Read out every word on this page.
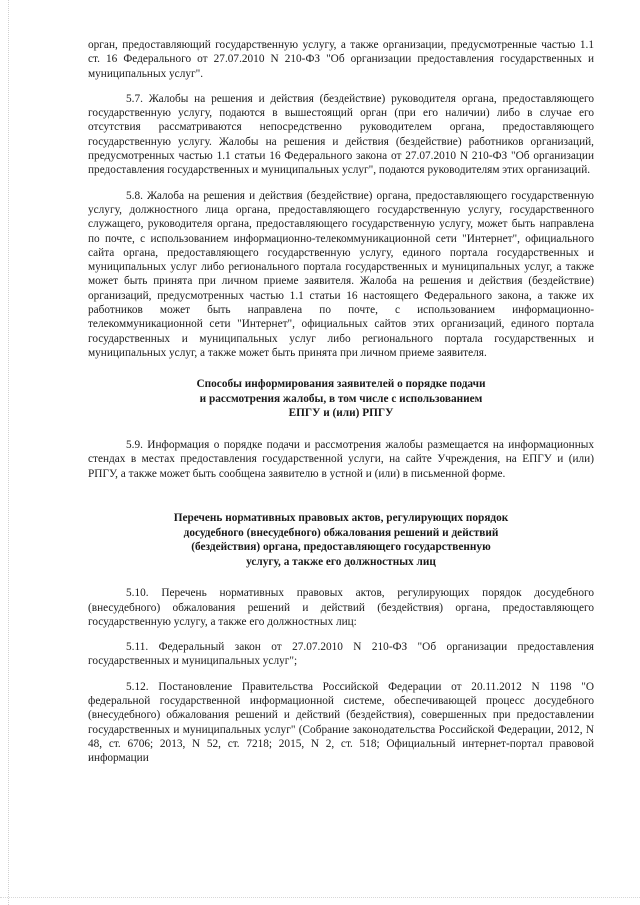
орган, предоставляющий государственную услугу, а также организации, предусмотренные частью 1.1 ст. 16 Федерального от 27.07.2010 N 210-ФЗ "Об организации предоставления государственных и муниципальных услуг".

5.7. Жалобы на решения и действия (бездействие) руководителя органа, предоставляющего государственную услугу, подаются в вышестоящий орган (при его наличии) либо в случае его отсутствия рассматриваются непосредственно руководителем органа, предоставляющего государственную услугу. Жалобы на решения и действия (бездействие) работников организаций, предусмотренных частью 1.1 статьи 16 Федерального закона от 27.07.2010 N 210-ФЗ "Об организации предоставления государственных и муниципальных услуг", подаются руководителям этих организаций.

5.8. Жалоба на решения и действия (бездействие) органа, предоставляющего государственную услугу, должностного лица органа, предоставляющего государственную услугу, государственного служащего, руководителя органа, предоставляющего государственную услугу, может быть направлена по почте, с использованием информационно-телекоммуникационной сети "Интернет", официального сайта органа, предоставляющего государственную услугу, единого портала государственных и муниципальных услуг либо регионального портала государственных и муниципальных услуг, а также может быть принята при личном приеме заявителя. Жалоба на решения и действия (бездействие) организаций, предусмотренных частью 1.1 статьи 16 настоящего Федерального закона, а также их работников может быть направлена по почте, с использованием информационно-телекоммуникационной сети "Интернет", официальных сайтов этих организаций, единого портала государственных и муниципальных услуг либо регионального портала государственных и муниципальных услуг, а также может быть принята при личном приеме заявителя.

Способы информирования заявителей о порядке подачи
и рассмотрения жалобы, в том числе с использованием
ЕПГУ и (или) РПГУ

5.9. Информация о порядке подачи и рассмотрения жалобы размещается на информационных стендах в местах предоставления государственной услуги, на сайте Учреждения, на ЕПГУ и (или) РПГУ, а также может быть сообщена заявителю в устной и (или) в письменной форме.

Перечень нормативных правовых актов, регулирующих порядок
досудебного (внесудебного) обжалования решений и действий
(бездействия) органа, предоставляющего государственную
услугу, а также его должностных лиц

5.10. Перечень нормативных правовых актов, регулирующих порядок досудебного (внесудебного) обжалования решений и действий (бездействия) органа, предоставляющего государственную услугу, а также его должностных лиц:

5.11. Федеральный закон от 27.07.2010 N 210-ФЗ "Об организации предоставления государственных и муниципальных услуг";

5.12. Постановление Правительства Российской Федерации от 20.11.2012 N 1198 "О федеральной государственной информационной системе, обеспечивающей процесс досудебного (внесудебного) обжалования решений и действий (бездействия), совершенных при предоставлении государственных и муниципальных услуг" (Собрание законодательства Российской Федерации, 2012, N 48, ст. 6706; 2013, N 52, ст. 7218; 2015, N 2, ст. 518; Официальный интернет-портал правовой информации
